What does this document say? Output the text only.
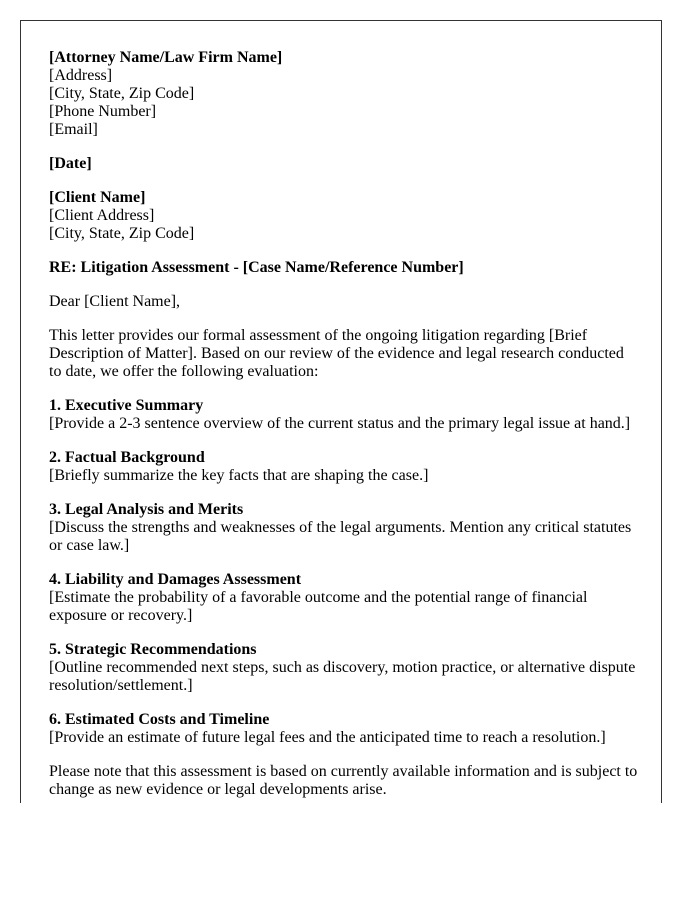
[Attorney Name/Law Firm Name]
[Address]
[City, State, Zip Code]
[Phone Number]
[Email]
[Date]
[Client Name]
[Client Address]
[City, State, Zip Code]

RE: Litigation Assessment - [Case Name/Reference Number]

Dear [Client Name],

This letter provides our formal assessment of the ongoing litigation regarding [Brief Description of Matter]. Based on our review of the evidence and legal research conducted to date, we offer the following evaluation:

1. Executive Summary
[Provide a 2-3 sentence overview of the current status and the primary legal issue at hand.]
2. Factual Background
[Briefly summarize the key facts that are shaping the case.]
3. Legal Analysis and Merits
[Discuss the strengths and weaknesses of the legal arguments. Mention any critical statutes or case law.]
4. Liability and Damages Assessment
[Estimate the probability of a favorable outcome and the potential range of financial exposure or recovery.]
5. Strategic Recommendations
[Outline recommended next steps, such as discovery, motion practice, or alternative dispute resolution/settlement.]
6. Estimated Costs and Timeline
[Provide an estimate of future legal fees and the anticipated time to reach a resolution.]

Please note that this assessment is based on currently available information and is subject to change as new evidence or legal developments arise.
